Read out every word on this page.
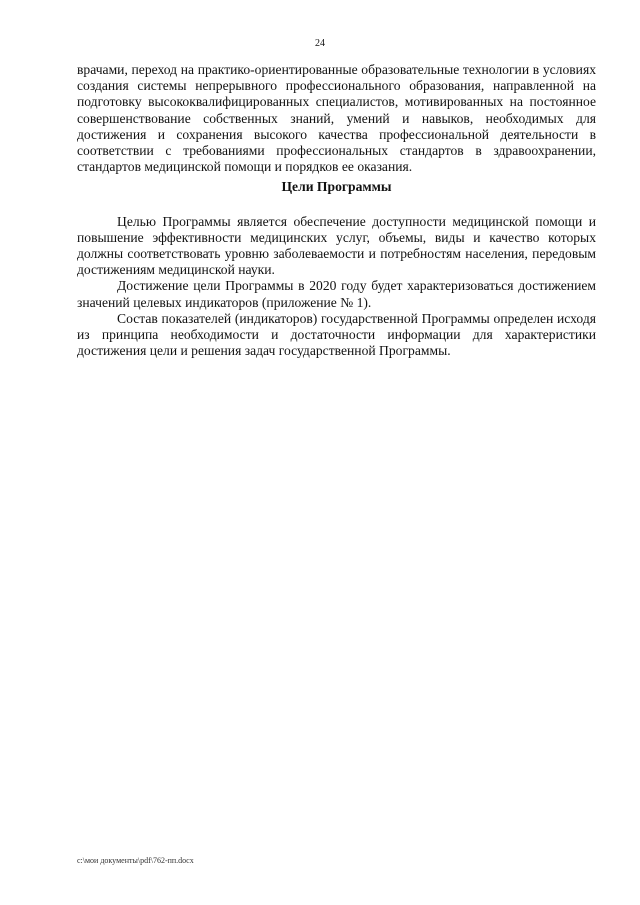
24

врачами, переход на практико-ориентированные образовательные технологии в условиях создания системы непрерывного профессионального образования, направленной на подготовку высококвалифицированных специалистов, мотивированных на постоянное совершенствование собственных знаний, умений и навыков, необходимых для достижения и сохранения высокого качества профессиональной деятельности в соответствии с требованиями профессиональных стандартов в здравоохранении, стандартов медицинской помощи и порядков ее оказания.

Цели Программы

Целью Программы является обеспечение доступности медицинской помощи и повышение эффективности медицинских услуг, объемы, виды и качество которых должны соответствовать уровню заболеваемости и потребностям населения, передовым достижениям медицинской науки.

Достижение цели Программы в 2020 году будет характеризоваться достижением значений целевых индикаторов (приложение № 1).

Состав показателей (индикаторов) государственной Программы определен исходя из принципа необходимости и достаточности информации для характеристики достижения цели и решения задач государственной Программы.

c:\мои документы\pdf\762-пп.docx
